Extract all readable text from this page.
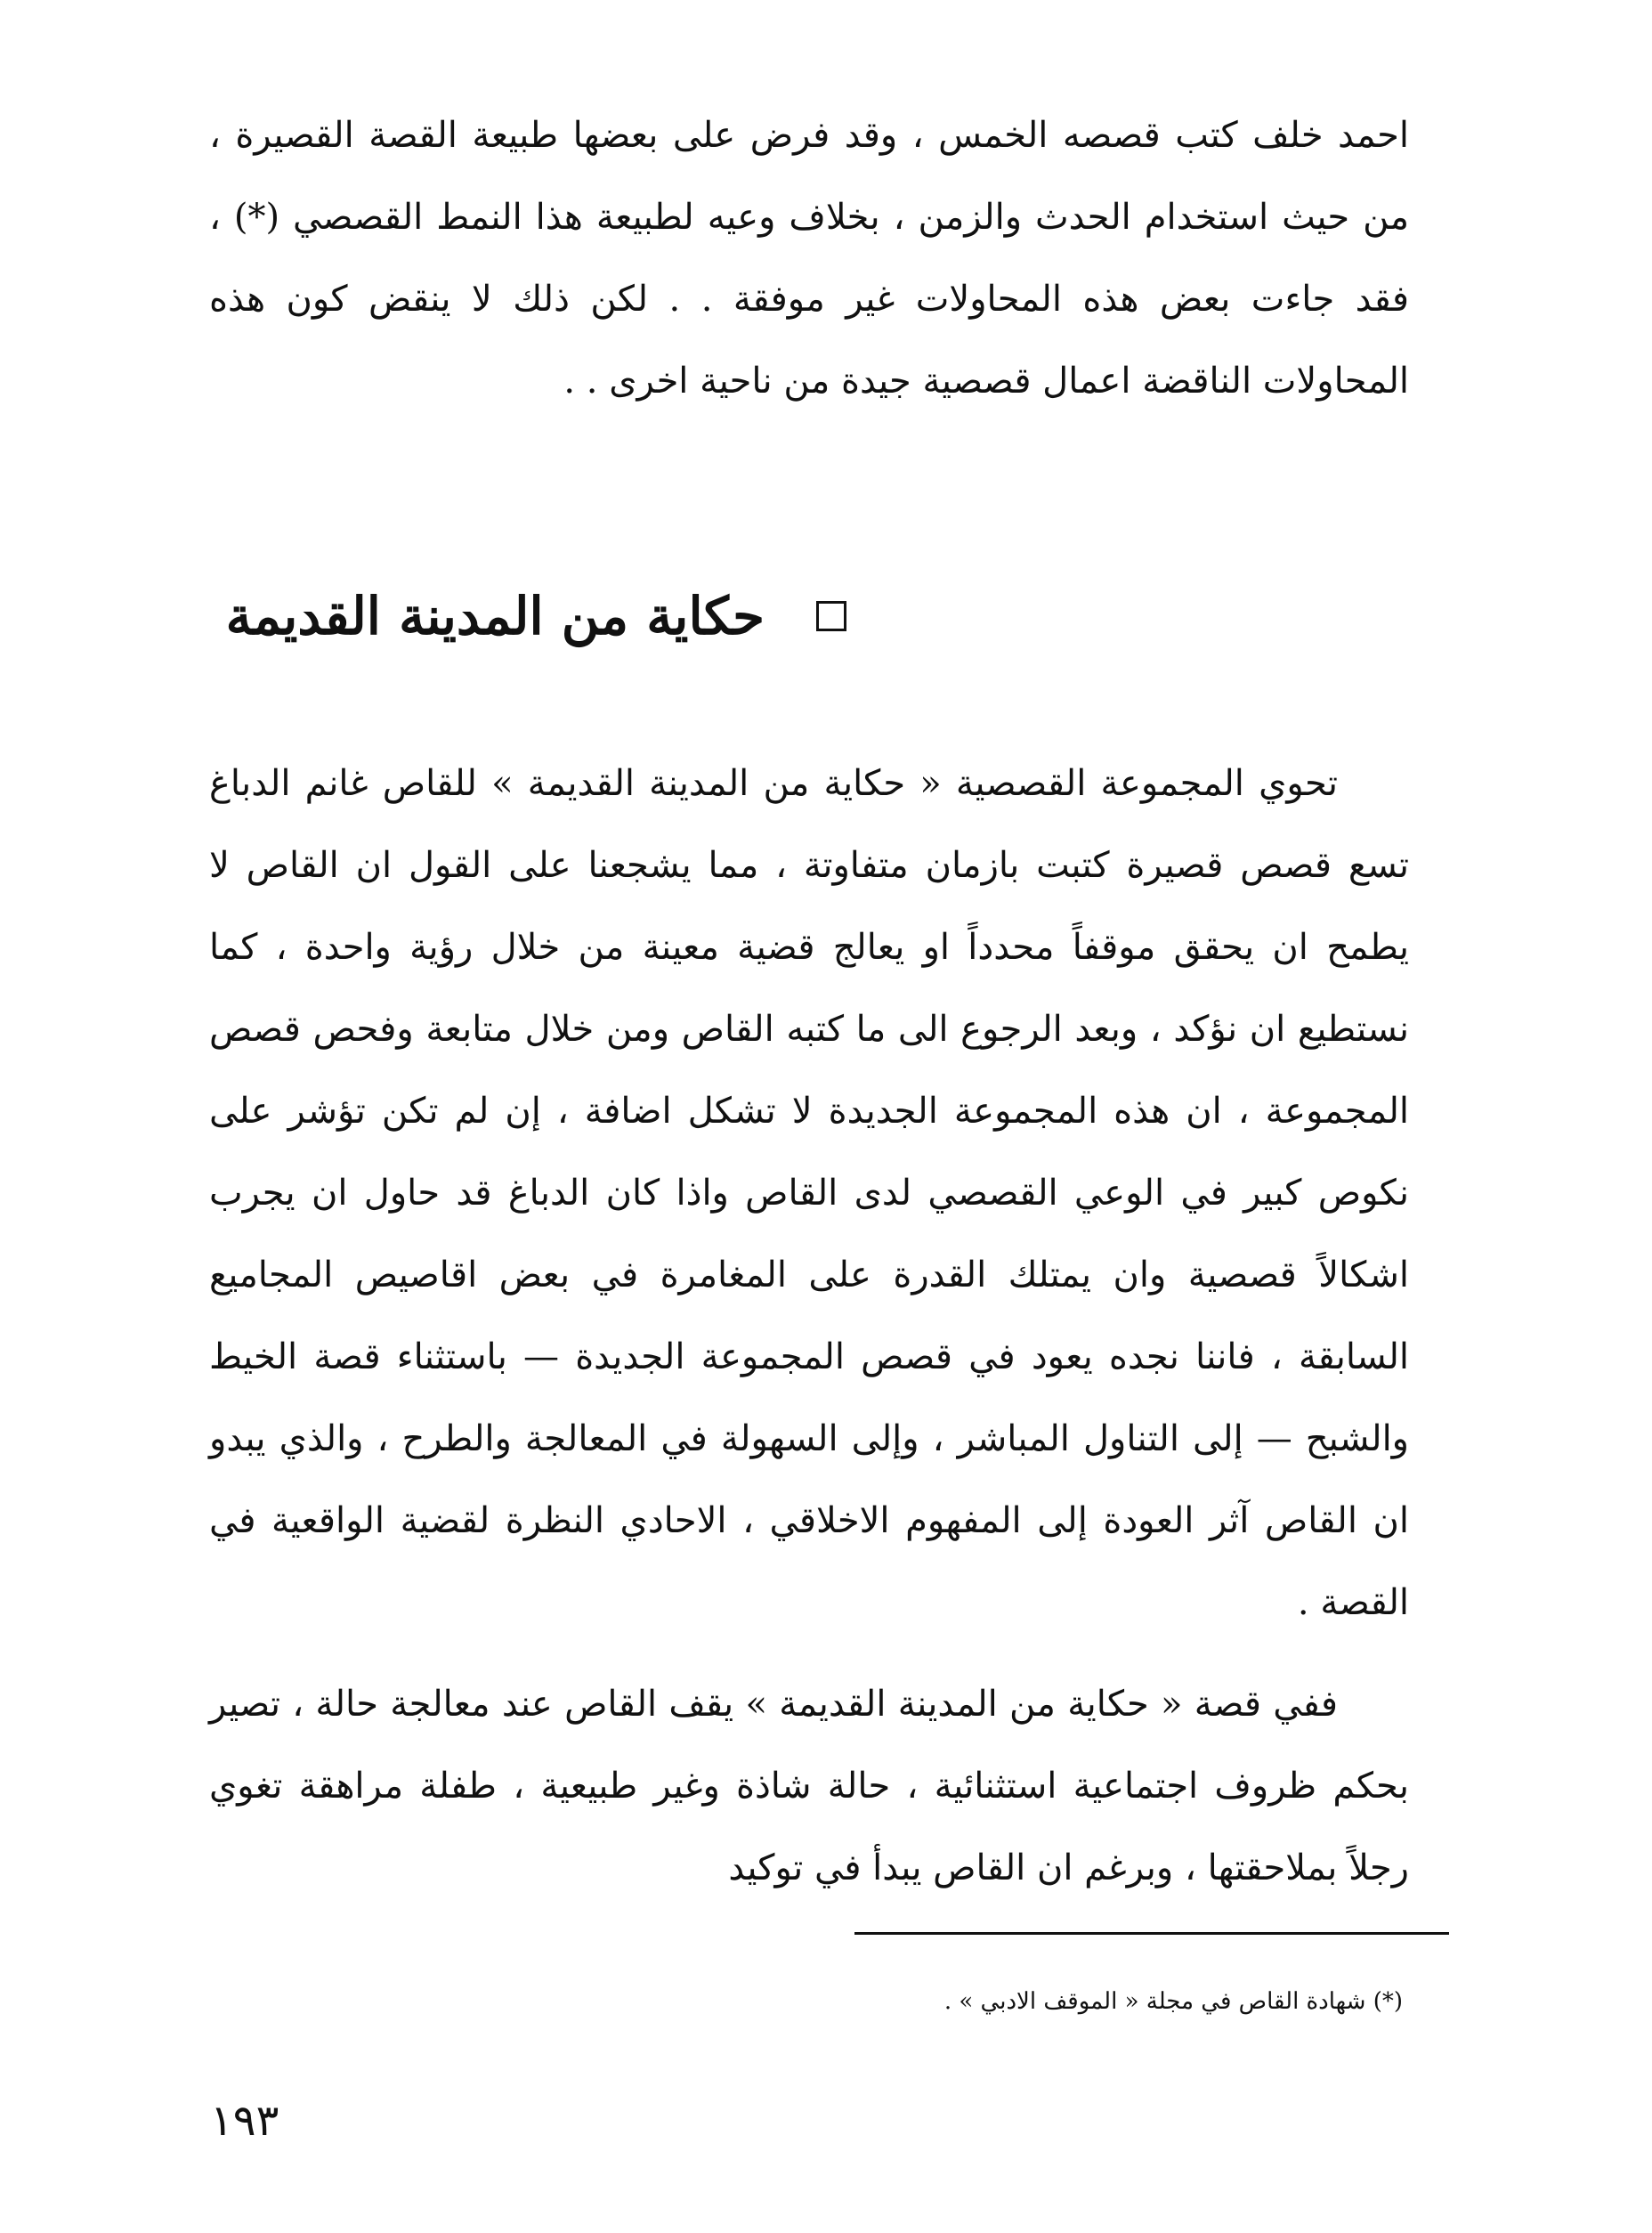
احمد خلف كتب قصصه الخمس ، وقد فرض على بعضها طبيعة القصة القصيرة ، من حيث استخدام الحدث والزمن ، بخلاف وعيه لطبيعة هذا النمط القصصي (*) ، فقد جاءت بعض هذه المحاولات غير موفقة . . لكن ذلك لا ينقض كون هذه المحاولات الناقضة اعمال قصصية جيدة من ناحية اخرى . .

حكاية من المدينة القديمة

تحوي المجموعة القصصية « حكاية من المدينة القديمة » للقاص غانم الدباغ تسع قصص قصيرة كتبت بازمان متفاوتة ، مما يشجعنا على القول ان القاص لا يطمح ان يحقق موقفاً محدداً او يعالج قضية معينة من خلال رؤية واحدة ، كما نستطيع ان نؤكد ، وبعد الرجوع الى ما كتبه القاص ومن خلال متابعة وفحص قصص المجموعة ، ان هذه المجموعة الجديدة لا تشكل اضافة ، إن لم تكن تؤشر على نكوص كبير في الوعي القصصي لدى القاص واذا كان الدباغ قد حاول ان يجرب اشكالاً قصصية وان يمتلك القدرة على المغامرة في بعض اقاصيص المجاميع السابقة ، فاننا نجده يعود في قصص المجموعة الجديدة — باستثناء قصة الخيط والشبح — إلى التناول المباشر ، وإلى السهولة في المعالجة والطرح ، والذي يبدو ان القاص آثر العودة إلى المفهوم الاخلاقي ، الاحادي النظرة لقضية الواقعية في القصة .

ففي قصة « حكاية من المدينة القديمة » يقف القاص عند معالجة حالة ، تصير بحكم ظروف اجتماعية استثنائية ، حالة شاذة وغير طبيعية ، طفلة مراهقة تغوي رجلاً بملاحقتها ، وبرغم ان القاص يبدأ في توكيد

(*) شهادة القاص في مجلة « الموقف الادبي » .
١٩٣
